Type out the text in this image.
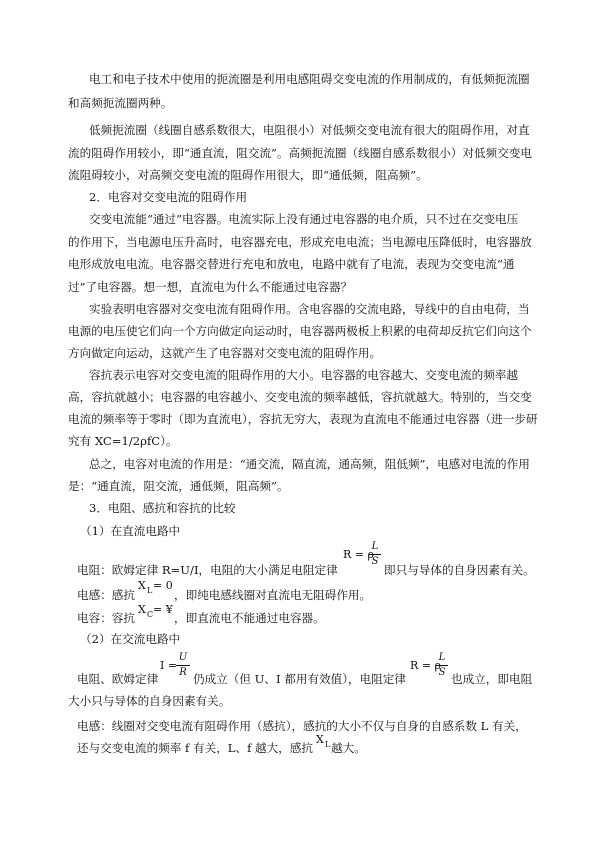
电工和电子技术中使用的扼流圈是利用电感阻碍交变电流的作用制成的，有低频扼流圈
和高频扼流圈两种。
低频扼流圈（线圈自感系数很大，电阻很小）对低频交变电流有很大的阻碍作用，对直
流的阻碍作用较小，即“通直流，阻交流”。高频扼流圈（线圈自感系数很小）对低频交变电
流阻碍较小，对高频交变电流的阻碍作用很大，即“通低频，阻高频”。
2．电容对交变电流的阻碍作用
交变电流能“通过”电容器。电流实际上没有通过电容器的电介质，只不过在交变电压
的作用下，当电源电压升高时，电容器充电，形成充电电流；当电源电压降低时，电容器放
电形成放电电流。电容器交替进行充电和放电，电路中就有了电流，表现为交变电流“通
过”了电容器。想一想，直流电为什么不能通过电容器？
实验表明电容器对交变电流有阻碍作用。含电容器的交流电路，导线中的自由电荷，当
电源的电压使它们向一个方向做定向运动时，电容器两极板上积累的电荷却反抗它们向这个
方向做定向运动，这就产生了电容器对交变电流的阻碍作用。
容抗表示电容对交变电流的阻碍作用的大小。电容器的电容越大、交变电流的频率越
高，容抗就越小；电容器的电容越小、交变电流的频率越低，容抗就越大。特别的，当交变
电流的频率等于零时（即为直流电），容抗无穷大，表现为直流电不能通过电容器（进一步研
究有 XC=1/2ρfC）。
总之，电容对电流的作用是：“通交流，隔直流，通高频，阻低频”，电感对电流的作用
是：“通直流，阻交流，通低频，阻高频”。
3．电阻、感抗和容抗的比较
（1）在直流电路中
电阻：欧姆定律 R=U/I，电阻的大小满足电阻定律
R = ρ
L
S
即只与导体的自身因素有关。
电感：感抗
X L = 0
，即纯电感线圈对直流电无阻碍作用。
电容：容抗
X C = ¥
，即直流电不能通过电容器。
（2）在交流电路中
电阻、欧姆定律
I =
U
R 仍成立（但 U、I 都用有效值），电阻定律
R = ρ
L
S 也成立，即电阻
大小只与导体的自身因素有关。
电感：线圈对交变电流有阻碍作用（感抗），感抗的大小不仅与自身的自感系数 L 有关，
还与交变电流的频率 f 有关，L、f 越大，感抗
X L 越大。
